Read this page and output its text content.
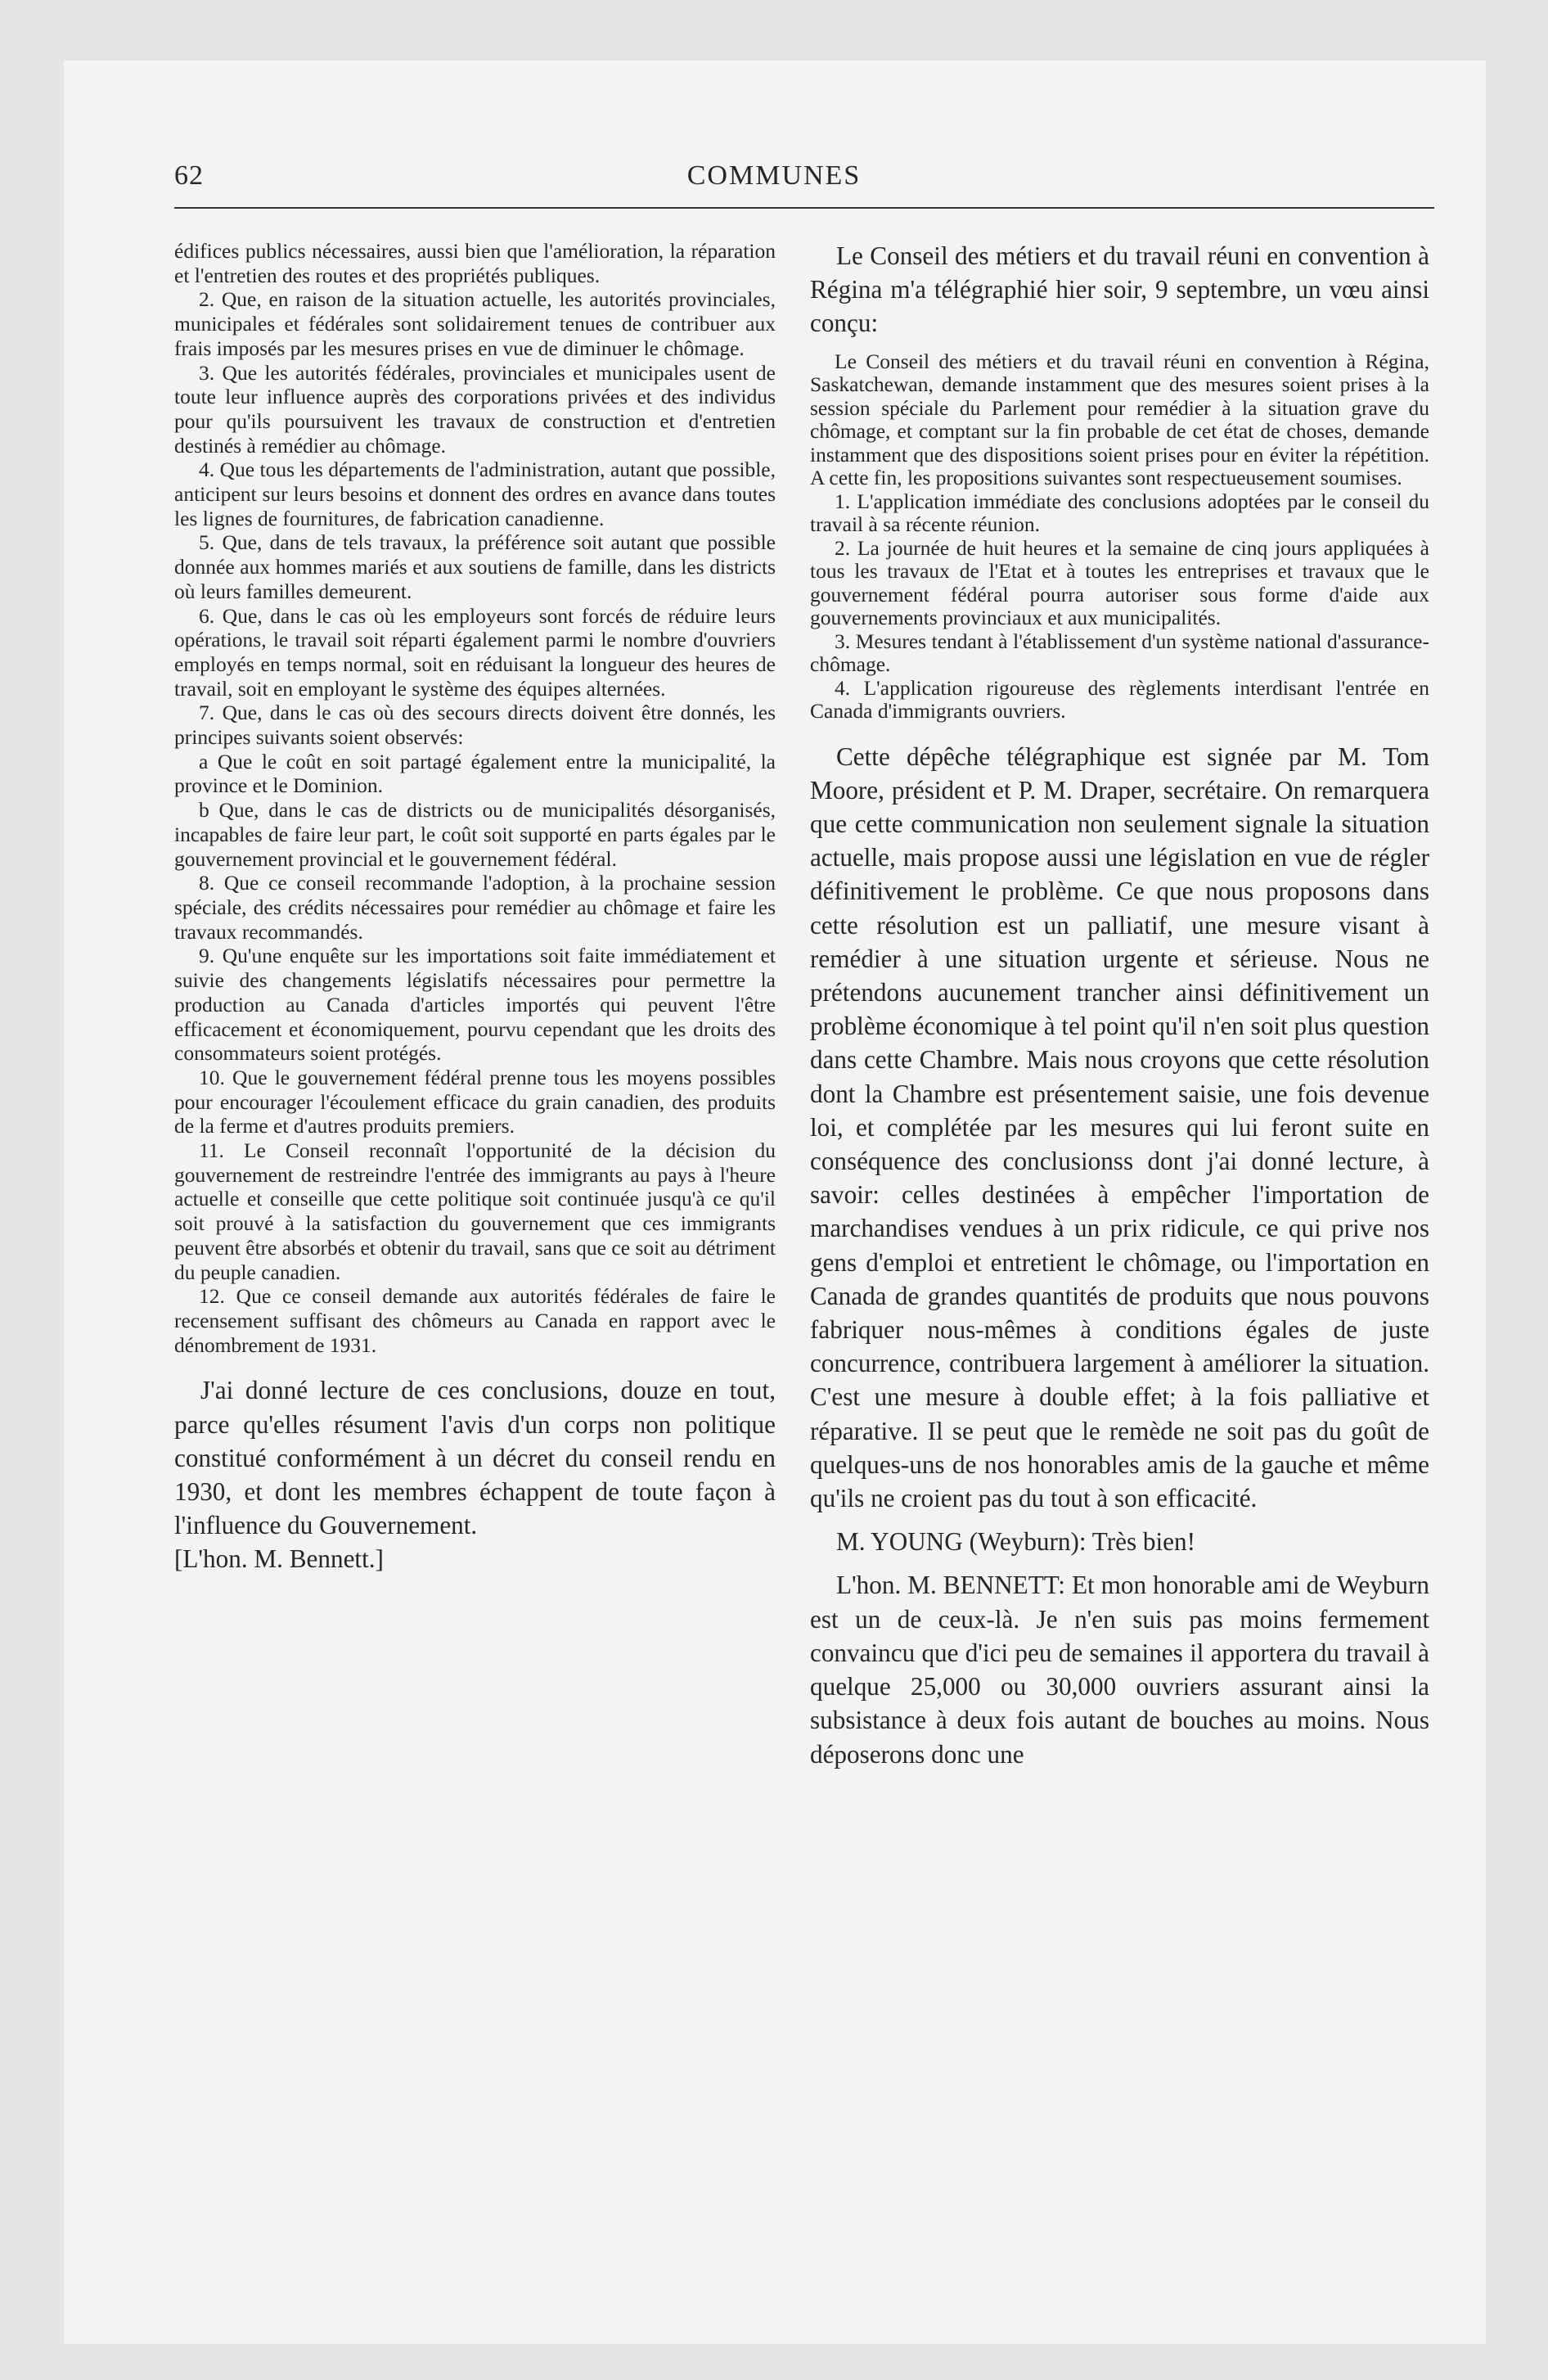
62	COMMUNES

édifices publics nécessaires, aussi bien que l'amélioration, la réparation et l'entretien des routes et des propriétés publiques.

2. Que, en raison de la situation actuelle, les autorités provinciales, municipales et fédérales sont solidairement tenues de contribuer aux frais imposés par les mesures prises en vue de diminuer le chômage.

3. Que les autorités fédérales, provinciales et municipales usent de toute leur influence auprès des corporations privées et des individus pour qu'ils poursuivent les travaux de construction et d'entretien destinés à remédier au chômage.

4. Que tous les départements de l'administration, autant que possible, anticipent sur leurs besoins et donnent des ordres en avance dans toutes les lignes de fournitures, de fabrication canadienne.

5. Que, dans de tels travaux, la préférence soit autant que possible donnée aux hommes mariés et aux soutiens de famille, dans les districts où leurs familles demeurent.

6. Que, dans le cas où les employeurs sont forcés de réduire leurs opérations, le travail soit réparti également parmi le nombre d'ouvriers employés en temps normal, soit en réduisant la longueur des heures de travail, soit en employant le système des équipes alternées.

7. Que, dans le cas où des secours directs doivent être donnés, les principes suivants soient observés:

a Que le coût en soit partagé également entre la municipalité, la province et le Dominion.

b Que, dans le cas de districts ou de municipalités désorganisés, incapables de faire leur part, le coût soit supporté en parts égales par le gouvernement provincial et le gouvernement fédéral.

8. Que ce conseil recommande l'adoption, à la prochaine session spéciale, des crédits nécessaires pour remédier au chômage et faire les travaux recommandés.

9. Qu'une enquête sur les importations soit faite immédiatement et suivie des changements législatifs nécessaires pour permettre la production au Canada d'articles importés qui peuvent l'être efficacement et économiquement, pourvu cependant que les droits des consommateurs soient protégés.

10. Que le gouvernement fédéral prenne tous les moyens possibles pour encourager l'écoulement efficace du grain canadien, des produits de la ferme et d'autres produits premiers.

11. Le Conseil reconnaît l'opportunité de la décision du gouvernement de restreindre l'entrée des immigrants au pays à l'heure actuelle et conseille que cette politique soit continuée jusqu'à ce qu'il soit prouvé à la satisfaction du gouvernement que ces immigrants peuvent être absorbés et obtenir du travail, sans que ce soit au détriment du peuple canadien.

12. Que ce conseil demande aux autorités fédérales de faire le recensement suffisant des chômeurs au Canada en rapport avec le dénombrement de 1931.

J'ai donné lecture de ces conclusions, douze en tout, parce qu'elles résument l'avis d'un corps non politique constitué conformément à un décret du conseil rendu en 1930, et dont les membres échappent de toute façon à l'influence du Gouvernement.

[L'hon. M. Bennett.]

Le Conseil des métiers et du travail réuni en convention à Régina m'a télégraphié hier soir, 9 septembre, un vœu ainsi conçu:

Le Conseil des métiers et du travail réuni en convention à Régina, Saskatchewan, demande instamment que des mesures soient prises à la session spéciale du Parlement pour remédier à la situation grave du chômage, et comptant sur la fin probable de cet état de choses, demande instamment que des dispositions soient prises pour en éviter la répétition. A cette fin, les propositions suivantes sont respectueusement soumises.

1. L'application immédiate des conclusions adoptées par le conseil du travail à sa récente réunion.

2. La journée de huit heures et la semaine de cinq jours appliquées à tous les travaux de l'Etat et à toutes les entreprises et travaux que le gouvernement fédéral pourra autoriser sous forme d'aide aux gouvernements provinciaux et aux municipalités.

3. Mesures tendant à l'établissement d'un système national d'assurance-chômage.

4. L'application rigoureuse des règlements interdisant l'entrée en Canada d'immigrants ouvriers.

Cette dépêche télégraphique est signée par M. Tom Moore, président et P. M. Draper, secrétaire. On remarquera que cette communication non seulement signale la situation actuelle, mais propose aussi une législation en vue de régler définitivement le problème. Ce que nous proposons dans cette résolution est un palliatif, une mesure visant à remédier à une situation urgente et sérieuse. Nous ne prétendons aucunement trancher ainsi définitivement un problème économique à tel point qu'il n'en soit plus question dans cette Chambre. Mais nous croyons que cette résolution dont la Chambre est présentement saisie, une fois devenue loi, et complétée par les mesures qui lui feront suite en conséquence des conclusionss dont j'ai donné lecture, à savoir: celles destinées à empêcher l'importation de marchandises vendues à un prix ridicule, ce qui prive nos gens d'emploi et entretient le chômage, ou l'importation en Canada de grandes quantités de produits que nous pouvons fabriquer nous-mêmes à conditions égales de juste concurrence, contribuera largement à améliorer la situation. C'est une mesure à double effet; à la fois palliative et réparative. Il se peut que le remède ne soit pas du goût de quelques-uns de nos honorables amis de la gauche et même qu'ils ne croient pas du tout à son efficacité.

M. YOUNG (Weyburn): Très bien!

L'hon. M. BENNETT: Et mon honorable ami de Weyburn est un de ceux-là. Je n'en suis pas moins fermement convaincu que d'ici peu de semaines il apportera du travail à quelque 25,000 ou 30,000 ouvriers assurant ainsi la subsistance à deux fois autant de bouches au moins. Nous déposerons donc une
